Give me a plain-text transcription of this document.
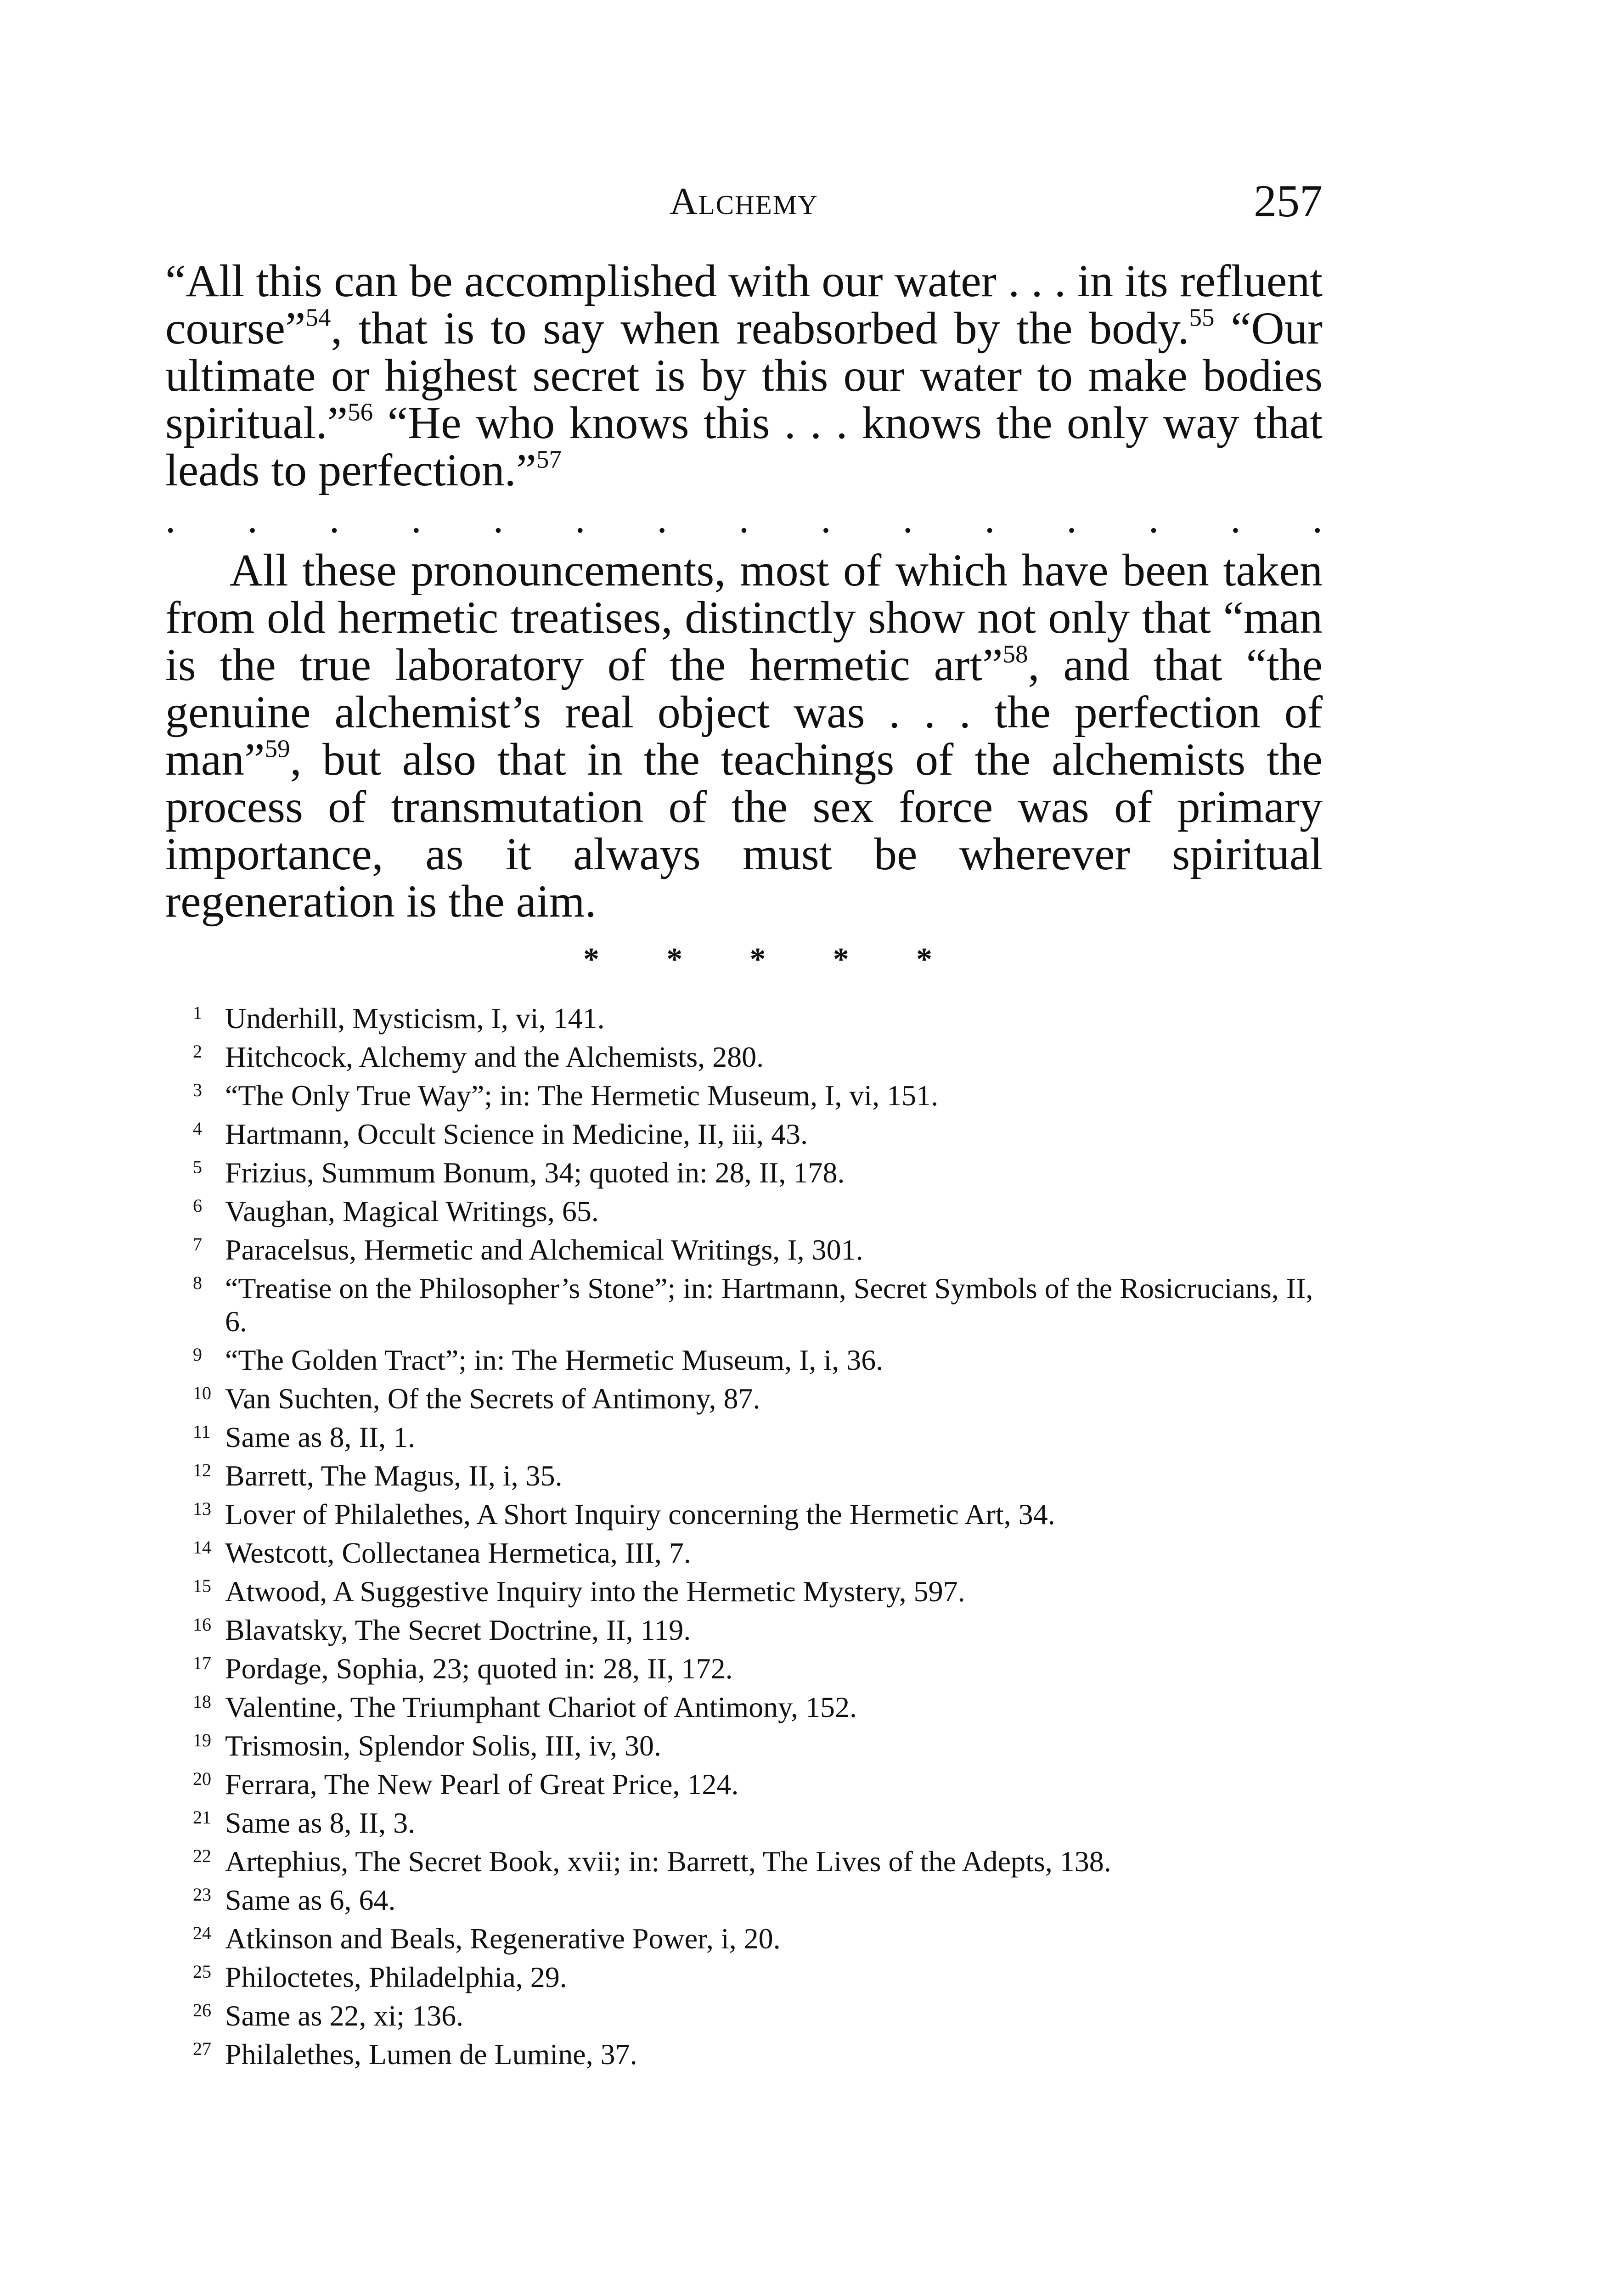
Alchemy	257

“All this can be accomplished with our water . . . in its refluent course”$^{54}$, that is to say when reabsorbed by the body.$^{55}$ “Our ultimate or highest secret is by this our water to make bodies spiritual.”$^{56}$ “He who knows this . . . knows the only way that leads to perfection.”$^{57}$

. . . . . . . . . . . . . . .

All these pronouncements, most of which have been taken from old hermetic treatises, distinctly show not only that “man is the true laboratory of the hermetic art”$^{58}$, and that “the genuine alchemist’s real object was . . . the perfection of man”$^{59}$, but also that in the teachings of the alchemists the process of transmutation of the sex force was of primary importance, as it always must be wherever spiritual regeneration is the aim.

* * * * *
1 Underhill, Mysticism, I, vi, 141.
2 Hitchcock, Alchemy and the Alchemists, 280.
3 “The Only True Way”; in: The Hermetic Museum, I, vi, 151.
4 Hartmann, Occult Science in Medicine, II, iii, 43.
5 Frizius, Summum Bonum, 34; quoted in: 28, II, 178.
6 Vaughan, Magical Writings, 65.
7 Paracelsus, Hermetic and Alchemical Writings, I, 301.
8 “Treatise on the Philosopher’s Stone”; in: Hartmann, Secret Symbols of the Rosicrucians, II, 6.
9 “The Golden Tract”; in: The Hermetic Museum, I, i, 36.
10 Van Suchten, Of the Secrets of Antimony, 87.
11 Same as 8, II, 1.
12 Barrett, The Magus, II, i, 35.
13 Lover of Philalethes, A Short Inquiry concerning the Hermetic Art, 34.
14 Westcott, Collectanea Hermetica, III, 7.
15 Atwood, A Suggestive Inquiry into the Hermetic Mystery, 597.
16 Blavatsky, The Secret Doctrine, II, 119.
17 Pordage, Sophia, 23; quoted in: 28, II, 172.
18 Valentine, The Triumphant Chariot of Antimony, 152.
19 Trismosin, Splendor Solis, III, iv, 30.
20 Ferrara, The New Pearl of Great Price, 124.
21 Same as 8, II, 3.
22 Artephius, The Secret Book, xvii; in: Barrett, The Lives of the Adepts, 138.
23 Same as 6, 64.
24 Atkinson and Beals, Regenerative Power, i, 20.
25 Philoctetes, Philadelphia, 29.
26 Same as 22, xi; 136.
27 Philalethes, Lumen de Lumine, 37.
